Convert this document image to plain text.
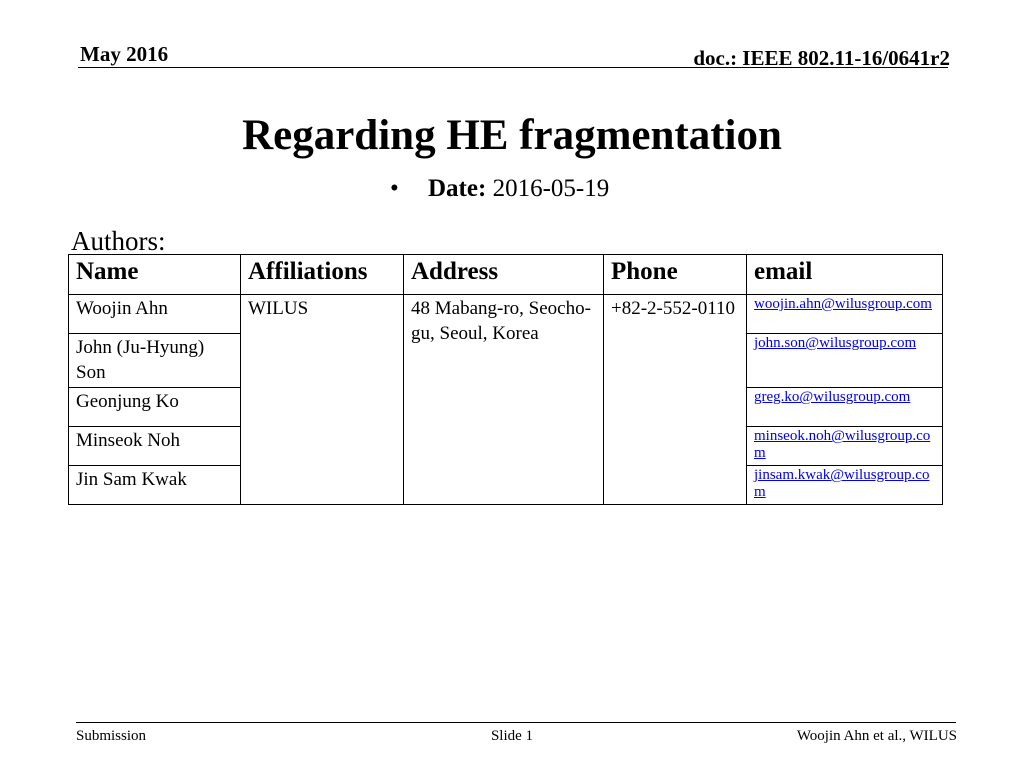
May 2016	doc.: IEEE 802.11-16/0641r2
Regarding HE fragmentation
• Date: 2016-05-19
Authors:
Name	Affiliations	Address	Phone	email
Woojin Ahn	WILUS	48 Mabang-ro, Seocho-gu, Seoul, Korea	+82-2-552-0110	woojin.ahn@wilusgroup.com
John (Ju-Hyung) Son				john.son@wilusgroup.com
Geonjung Ko				greg.ko@wilusgroup.com
Minseok Noh				minseok.noh@wilusgroup.com
Jin Sam Kwak				jinsam.kwak@wilusgroup.com
Submission	Slide 1	Woojin Ahn et al., WILUS
